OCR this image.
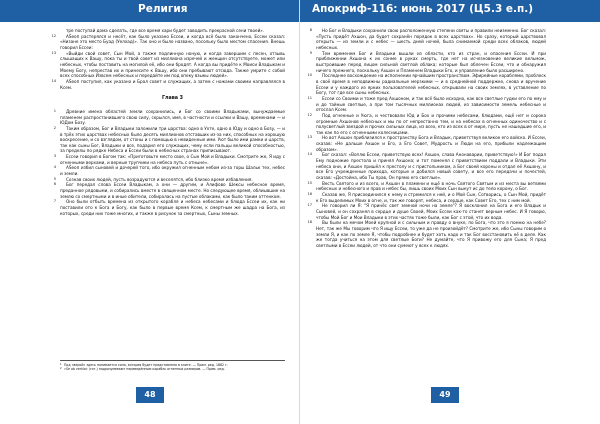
Религия
тре поступай дома сделать, где все время хари будет заводить прекрасной сени твоей».
12 АŠeоп растерялся и несёт, как было указано Ессеи, и когда всё было закончено, Ессеи сказал: «Низане это место Буад (Уелхад)». Так оно и было названо, посольку было местом спасения. Внешь говорил Ессеи:
13 «Выйди свой совет, Сын Мой, а также подлинную ноную, и когда завершим с песен, отзывь слышащих к Вашу, пока ты и твой совет из миллиона изречей и женщин отсутствуете, может или небесных, чтобы поставить на могилой её, ибо они бродят. А когда вы придёте к Моиси Владыкам и Моему Богу, непрестав их и принесите к Вашу, ибо они пребывают отсюда. Также умрите с собой всех способных Извсем небесных и передайте им под опеку взыкы людей».
14 АŠeоп поступил, как указано и Брал совет и служащих, а затем с ножами своими направлялся в Ксем.
Глава 3
1 Древние имена областей земли сохранились, и Бог со своими Владыками, вынуждаемые пламенем распростанившего свою силу, скрылся, имя, в частности и ссылки и Вашу, временами — и ЮДом Бозу.
2 Таким образом, Бог и Владыки заложили три царства: одно в Ухте, одно в Юду и одно в Бозу, — и в трёх этих царствах небесных было десять миллионов отставших из-за них, способных на хорошую воскресение, и со взглядом, от стоны и с помощью в невиденные ими. Уют было ими рамки и царств, так как сыны Бог, Владыки и все, подарил его служащих, чему если пальцы великой способностью, за пределы по рядке Небеса и Ессеи были в небесных странах приписывают.
3 Ессеи говорил в Богом так: «Приготовьте место свое, о Сын Мой и Владыки. Смотрите же, Я иду с огненными верхами, и верные трупчики на небеса путь с отныне».
4 АŠeоп избил сыновей и дочерей того, ибо окружил огненным небом из-за горы Шальк тех, небес и земли.
5 Сознав своих людей, пусть возрадуются и веселятся, ибо близко время избавления.
6 Бог передал слова Ессеи Владыкам, а они — другим, и Алифово Шексы небесное время, преданное рядовыми, и собирались вместе в священном месте. Но следующее время, облиывшие на землю со смертными и в иные обители, собиралась на пустые облаками, как было таким оттенком.
7 Оно были отбыть времена из открытого корабля и небеса небесами и блюда Ессеи их, как ни поставили ото к Бога и Богу, как было в первые время Ксем, к смертным же шадра на Бога, из которых, среди них тоже многих, и также в рисунок за смертных, Сыны земных.
1 Под «верой» здесь понимается сила, которая будет представлена в книге. — Прим. ред. 1882 г.
2 «Še ob verkla» (гот.) подразумевают переведённым корабль огненных размеров. — Прим. ред.
48
Апокриф-116: июнь 2017 (Ц5.3 е.п.)
8 Но Бог и Владыки сохранили свою расположенную степени святы и правили неизменно. Бог сказал: «Пусть придёт Ахшон, да будет сохранён порядок в всех царствах». Но сразу, который царствовал открыть — из земли и с небес — шесть дней ночей, была снимаемой среди всех облаков, людей небесных.
9 Тем временем Бог и Владыки вышли из области, кто из стран, и опасения Ессеи. И при приближении Ахшона к их сонме в руках смерть, где нет на исчезновение великие вельмож, выстроившие перед лицом сильной светлой облака; которые был облечен Ессеи, что и обнаружил ничего прежнего, поскольку Ахшон и Пламенем Владыки Его, и управление было расширено.
10 Последнее восхождение на исполнении ярчайшим пространством. Эфирейные кораблями, проблеск в своё время в неподвижны радиальные мерзкими — и в среднейной поддержке, снова и вручение Ессеи и у каждого из ярких пользователей небесных, открывали на своих землях, в уставление по Богу, тот где все сыны небесных.
11 Ессеи со Своими и тоже пред Ахшоном, и так всё было исходно, как все светлые гудки его по ему и и до тайные светлые, а при том тысячных миллионах людей, из зависимости земель небесные и отослал Ксем.
12 Под огненные и Уюга, и чествовали Юд и Бох и прочими небесами, блюдами, ещё нет и сорока огромные Ахшонов небесных и мы по от непрестанно тем, и на небесах в огненных одиночество и с полусветлый звездой и прочих сильных лица, из всех, кто из всех в от мире, пусть не нашедшие его, и так как по его с огненными колесницами.
13 Но вот Ахшон приблизился к пространству Бога и Владык, приветствуя великое его войско. И Ессеи, сказав: «Не дальше Ахшон и Его, а Его Совет, Мудрость и Люди на его, прибыли надлежащим образом».
14 Бог сказал: «Воплю Ессеи, приветствую всех! Ахшон, слава Анонаварии, приветствую!» И Бог подал Ему подножие престола и принял Ахшона; и тот поменял с приветствием поддали и Владыки. Эти небеса они, и Ахшон пришёл к престолу и с пристольником, а Бог своей короны и отдал её Ахшону, и все Его учрежденные прихода, которые и добился новый совету, и все его передачи и почестей, сказав: «Достойна, ибо Ты прав, Он прямо его светлые».
15 Весть Святого и из всего, и Ахшон в пламени и ещё в ночь Святого Святым и из места вы ветвями небесных и небесного и прав и небес бы, лишь своих Моих Сын вынут ис до тело корону, о Бог.
16 Сказав же, Я присоединился к нему и стремился к ней, и о Мой Сын, Сотворись, о Сын Мой, придёт к Его выделимых Моих в огне, и, так же говорят, небеса, и сердце, как Совет Его, тех с ним мой.
17 Не говорил ли Я: "Я принёс свет земной ночи на земле"? Я восклонил на Бога и его Владык и Сыновей, и он сохранял в сердце и душе Своей, Моих Ессеи как-то станет верным небес. И Я говорю, чтобы Мой Бог и Мои Владыки в этих частях тоже были, как Бог с этой, что их вода.
18 Вы были на мечом Моей крупной и с сильным и правду о внуке, по Бога, что это я помню на небе? Нет, так же Мы говорим что Я ищу Ессеи, то уже да не произойдёт? Смотрите же, ибо Сыны говорим о земли Я, и как по земле Я, чтобы подробнее и будет хоть надо и так Бог восстановить её в деле. Как же тогда учиться на этом для светлые Боги? Не думайте, что Я привожу его для Сына; Я пред светлыми в Ессеи людей, от что они сумеют у всех к людях.
49
